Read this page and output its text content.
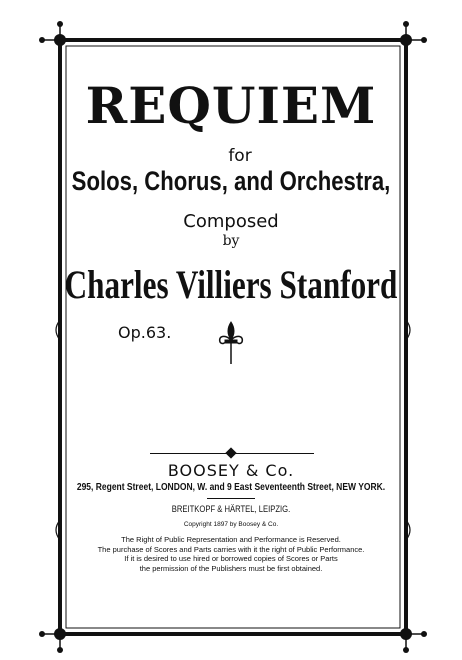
REQUIEM
for
Solos, Chorus, and Orchestra,
Composed
by
Charles Villiers Stanford
Op.63.
BOOSEY & Co.
295, Regent Street, LONDON, W. and 9 East Seventeenth Street, NEW YORK.
BREITKOPF & HÄRTEL, LEIPZIG.
Copyright 1897 by Boosey & Co.
The Right of Public Representation and Performance is Reserved.
The purchase of Scores and Parts carries with it the right of Public Performance.
If it is desired to use hired or borrowed copies of Scores or Parts
the permission of the Publishers must be first obtained.
